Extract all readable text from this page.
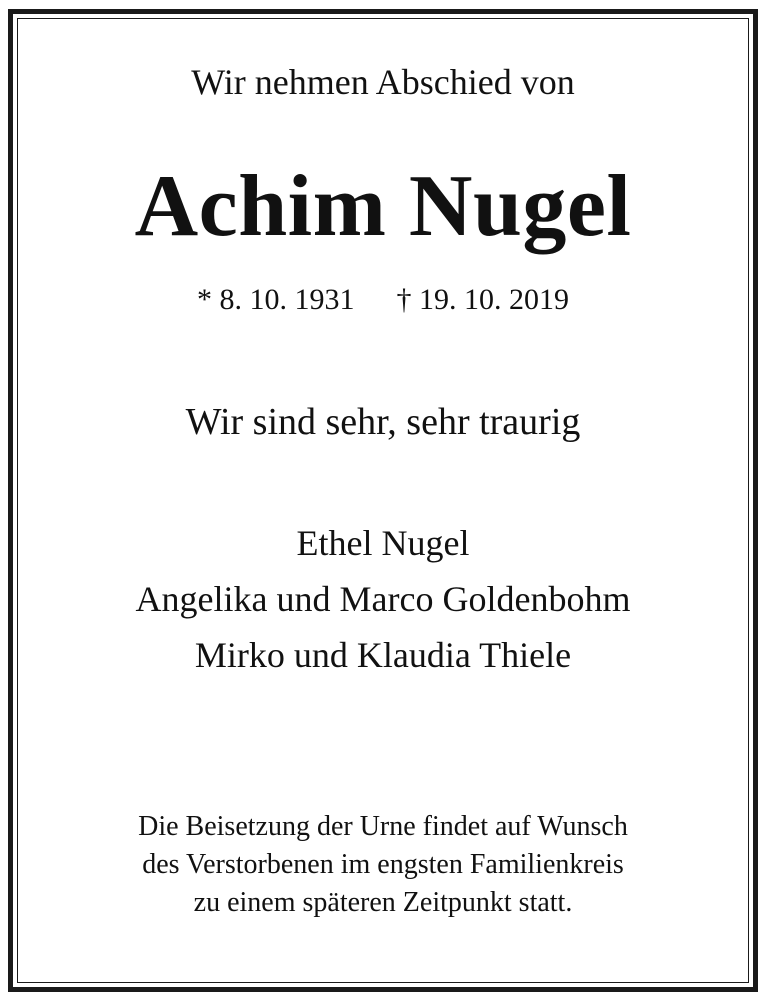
Wir nehmen Abschied von
Achim Nugel
* 8. 10. 1931 † 19. 10. 2019
Wir sind sehr, sehr traurig
Ethel Nugel
Angelika und Marco Goldenbohm
Mirko und Klaudia Thiele
Die Beisetzung der Urne findet auf Wunsch
des Verstorbenen im engsten Familienkreis
zu einem späteren Zeitpunkt statt.
